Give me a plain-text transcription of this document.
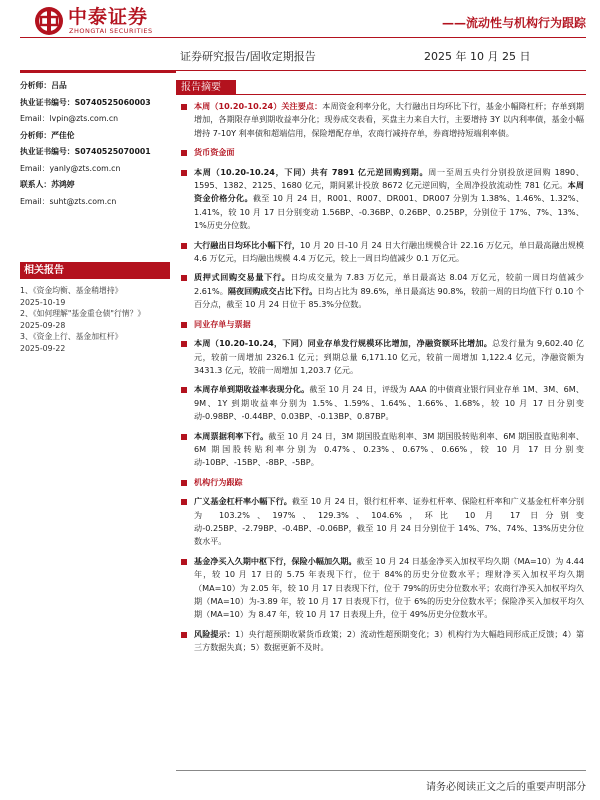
中泰证券
ZHONGTAI SECURITIES
——流动性与机构行为跟踪
证券研究报告/固收定期报告	2025 年 10 月 25 日
分析师：吕品
执业证书编号：S0740525060003
Email：lvpin@zts.com.cn
分析师：严佳伦
执业证书编号：S0740525070001
Email：yanly@zts.com.cn
联系人：苏鸿婷
Email：suht@zts.com.cn
相关报告
1、《资金均衡、基金稍增持》
2025-10-19
2、《如何理解"基金重仓债"行情？》
2025-09-28
3、《资金上行、基金加杠杆》
2025-09-22
报告摘要
本周（10.20-10.24）关注要点：本周资金利率分化，大行融出日均环比下行，基金小幅降杠杆；存单到期增加，各期限存单到期收益率分化；现券成交表看，买盘主力来自大行，主要增持 3Y 以内利率债，基金小幅增持 7-10Y 利率债和超端信用，保险增配存单，农商行减持存单，券商增持短端利率债。
货币资金面
本周（10.20-10.24，下同）共有 7891 亿元逆回购到期。周一至周五央行分别投放逆回购 1890、1595、1382、2125、1680 亿元，期间累计投放 8672 亿元逆回购，全周净投放流动性 781 亿元。本周资金价格分化。截至 10 月 24 日，R001、R007、DR001、DR007 分别为 1.38%、1.46%、1.32%、1.41%，较 10 月 17 日分别变动 1.56BP、-0.36BP、0.26BP、0.25BP，分别位于 17%、7%、13%、1%历史分位数。
大行融出日均环比小幅下行，10 月 20 日-10 月 24 日大行融出规模合计 22.16 万亿元，单日最高融出规模 4.6 万亿元，日均融出规模 4.4 万亿元，较上一周日均值减少 0.1 万亿元。
质押式回购交易量下行。日均成交量为 7.83 万亿元，单日最高达 8.04 万亿元，较前一周日均值减少 2.61%。隔夜回购成交占比下行。日均占比为 89.6%，单日最高达 90.8%，较前一周的日均值下行 0.10 个百分点，截至 10 月 24 日位于 85.3%分位数。
同业存单与票据
本周（10.20-10.24，下同）同业存单发行规模环比增加，净融资额环比增加。总发行量为 9,602.40 亿元，较前一周增加 2326.1 亿元；到期总量 6,171.10 亿元，较前一周增加 1,122.4 亿元，净融资额为 3431.3 亿元，较前一周增加 1,203.7 亿元。
本周存单到期收益率表现分化。截至 10 月 24 日，评级为 AAA 的中债商业银行同业存单 1M、3M、6M、9M、1Y 到期收益率分别为 1.5%、1.59%、1.64%、1.66%、1.68%，较 10 月 17 日分别变动-0.98BP、-0.44BP、0.03BP、-0.13BP、0.87BP。
本周票据利率下行。截至 10 月 24 日，3M 期国股直贴利率、3M 期国股转贴利率、6M 期国股直贴利率、6M 期国股转贴利率分别为 0.47%、0.23%、0.67%、0.66%，较 10 月 17 日分别变动-10BP、-15BP、-8BP、-5BP。
机构行为跟踪
广义基金杠杆率小幅下行。截至 10 月 24 日，银行杠杆率、证券杠杆率、保险杠杆率和广义基金杠杆率分别为 103.2%、197%、129.3%、104.6%，环比 10 月 17 日分别变动-0.25BP、-2.79BP、-0.4BP、-0.06BP，截至 10 月 24 日分别位于 14%、7%、74%、13%历史分位数水平。
基金净买入久期中枢下行，保险小幅加久期。截至 10 月 24 日基金净买入加权平均久期（MA=10）为 4.44 年，较 10 月 17 日的 5.75 年表现下行，位于 84%的历史分位数水平；理财净买入加权平均久期（MA=10）为 2.05 年，较 10 月 17 日表现下行，位于 79%的历史分位数水平；农商行净买入加权平均久期（MA=10）为-3.89 年，较 10 月 17 日表现下行，位于 6%的历史分位数水平；保险净买入加权平均久期（MA=10）为 8.47 年，较 10 月 17 日表现上升，位于 49%历史分位数水平。
风险提示：1）央行超预期收紧货币政策；2）流动性超预期变化；3）机构行为大幅趋同形成正反馈；4）第三方数据失真；5）数据更新不及时。
请务必阅读正文之后的重要声明部分
